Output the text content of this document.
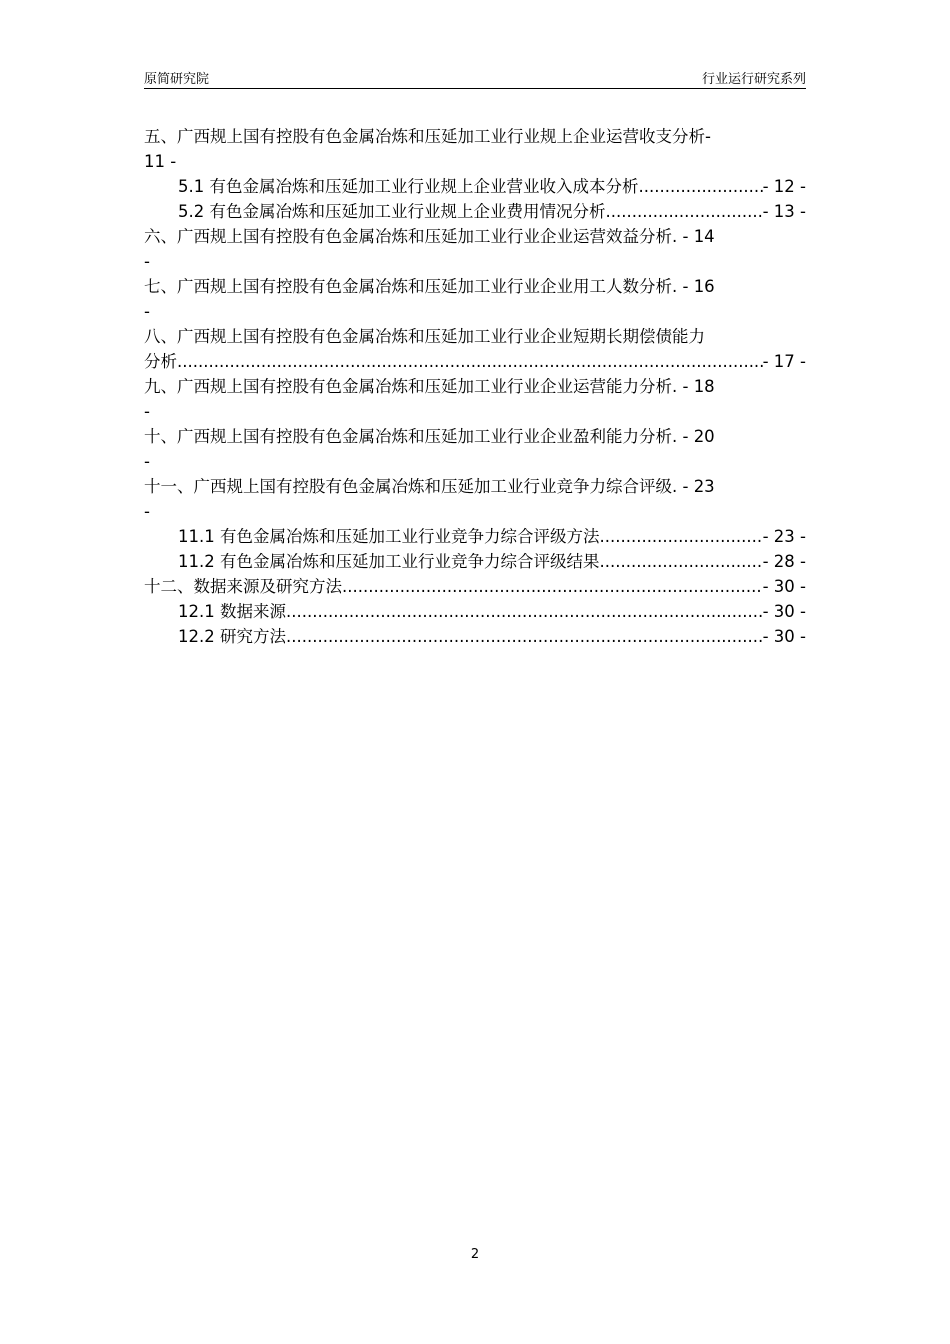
原简研究院	行业运行研究系列
五、广西规上国有控股有色金属冶炼和压延加工业行业规上企业运营收支分析 -
11 -
5.1 有色金属冶炼和压延加工业行业规上企业营业收入成本分析 .....	- 12 -
5.2 有色金属冶炼和压延加工业行业规上企业费用情况分析 .....	- 13 -
六、广西规上国有控股有色金属冶炼和压延加工业行业企业运营效益分析 . - 14
-
七、广西规上国有控股有色金属冶炼和压延加工业行业企业用工人数分析 . - 16
-
八、广西规上国有控股有色金属冶炼和压延加工业行业企业短期长期偿债能力
分析 .....	- 17 -
九、广西规上国有控股有色金属冶炼和压延加工业行业企业运营能力分析 . - 18
-
十、广西规上国有控股有色金属冶炼和压延加工业行业企业盈利能力分析 . - 20
-
十一、广西规上国有控股有色金属冶炼和压延加工业行业竞争力综合评级 . - 23
-
11.1 有色金属冶炼和压延加工业行业竞争力综合评级方法 .....	- 23 -
11.2 有色金属冶炼和压延加工业行业竞争力综合评级结果 .....	- 28 -
十二、数据来源及研究方法 .....	- 30 -
12.1 数据来源 .....	- 30 -
12.2 研究方法 .....	- 30 -
2
